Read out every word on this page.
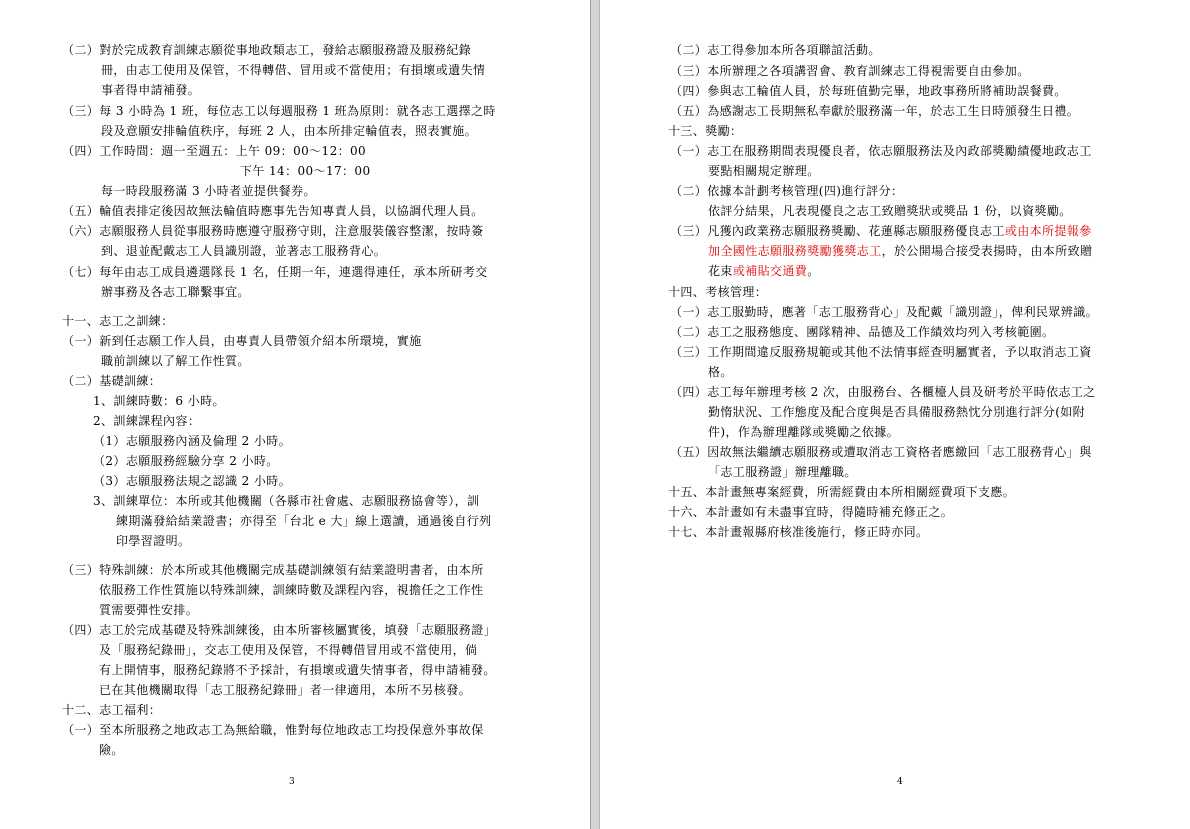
（二）對於完成教育訓練志願從事地政類志工，發給志願服務證及服務紀錄
冊，由志工使用及保管，不得轉借、冒用或不當使用；有損壞或遺失情
事者得申請補發。
（三）每 3 小時為 1 班，每位志工以每週服務 1 班為原則：就各志工選擇之時
段及意願安排輪值秩序，每班 2 人，由本所排定輪值表，照表實施。
（四）工作時間：週一至週五：上午 09：00～12：00
下午 14：00～17：00
每一時段服務滿 3 小時者並提供餐券。
（五）輪值表排定後因故無法輪值時應事先告知專責人員，以協調代理人員。
（六）志願服務人員從事服務時應遵守服務守則，注意服裝儀容整潔，按時簽
到、退並配戴志工人員識別證，並著志工服務背心。
（七）每年由志工成員遴選隊長 1 名，任期一年，連選得連任，承本所研考交
辦事務及各志工聯繫事宜。
十一、志工之訓練：
（一）新到任志願工作人員，由專責人員帶領介紹本所環境，實施
職前訓練以了解工作性質。
（二）基礎訓練：
1、訓練時數：6 小時。
2、訓練課程內容：
（1）志願服務內涵及倫理 2 小時。
（2）志願服務經驗分享 2 小時。
（3）志願服務法規之認識 2 小時。
3、訓練單位：本所或其他機關（各縣市社會處、志願服務協會等），訓
練期滿發給結業證書；亦得至「台北 e 大」線上選讀，通過後自行列
印學習證明。
（三）特殊訓練：於本所或其他機關完成基礎訓練領有結業證明書者，由本所
依服務工作性質施以特殊訓練，訓練時數及課程內容，視擔任之工作性
質需要彈性安排。
（四）志工於完成基礎及特殊訓練後，由本所審核屬實後，填發「志願服務證」
及「服務紀錄冊」，交志工使用及保管，不得轉借冒用或不當使用，倘
有上開情事，服務紀錄將不予採計，有損壞或遺失情事者，得申請補發。
已在其他機關取得「志工服務紀錄冊」者一律適用，本所不另核發。
十二、志工福利：
（一）至本所服務之地政志工為無給職，惟對每位地政志工均投保意外事故保
險。
3
（二）志工得參加本所各項聯誼活動。
（三）本所辦理之各項講習會、教育訓練志工得視需要自由參加。
（四）參與志工輪值人員，於每班值勤完畢，地政事務所將補助誤餐費。
（五）為感謝志工長期無私奉獻於服務滿一年，於志工生日時頒發生日禮。
十三、獎勵：
（一）志工在服務期間表現優良者，依志願服務法及內政部獎勵績優地政志工
要點相關規定辦理。
（二）依據本計劃考核管理(四)進行評分：
依評分結果，凡表現優良之志工致贈獎狀或獎品 1 份，以資獎勵。
（三）凡獲內政業務志願服務獎勵、花蓮縣志願服務優良志工或由本所提報參
加全國性志願服務獎勵獲獎志工，於公開場合接受表揚時，由本所致贈
花束或補貼交通費。
十四、考核管理：
（一）志工服勤時，應著「志工服務背心」及配戴「識別證」，俾利民眾辨識。
（二）志工之服務態度、團隊精神、品德及工作績效均列入考核範圍。
（三）工作期間違反服務規範或其他不法情事經查明屬實者，予以取消志工資
格。
（四）志工每年辦理考核 2 次，由服務台、各櫃檯人員及研考於平時依志工之
勤惰狀況、工作態度及配合度與是否具備服務熱忱分別進行評分(如附
件)，作為辦理離隊或獎勵之依據。
（五）因故無法繼續志願服務或遭取消志工資格者應繳回「志工服務背心」與
「志工服務證」辦理離職。
十五、本計畫無專案經費，所需經費由本所相關經費項下支應。
十六、本計畫如有未盡事宜時，得隨時補充修正之。
十七、本計畫報縣府核准後施行，修正時亦同。
4
